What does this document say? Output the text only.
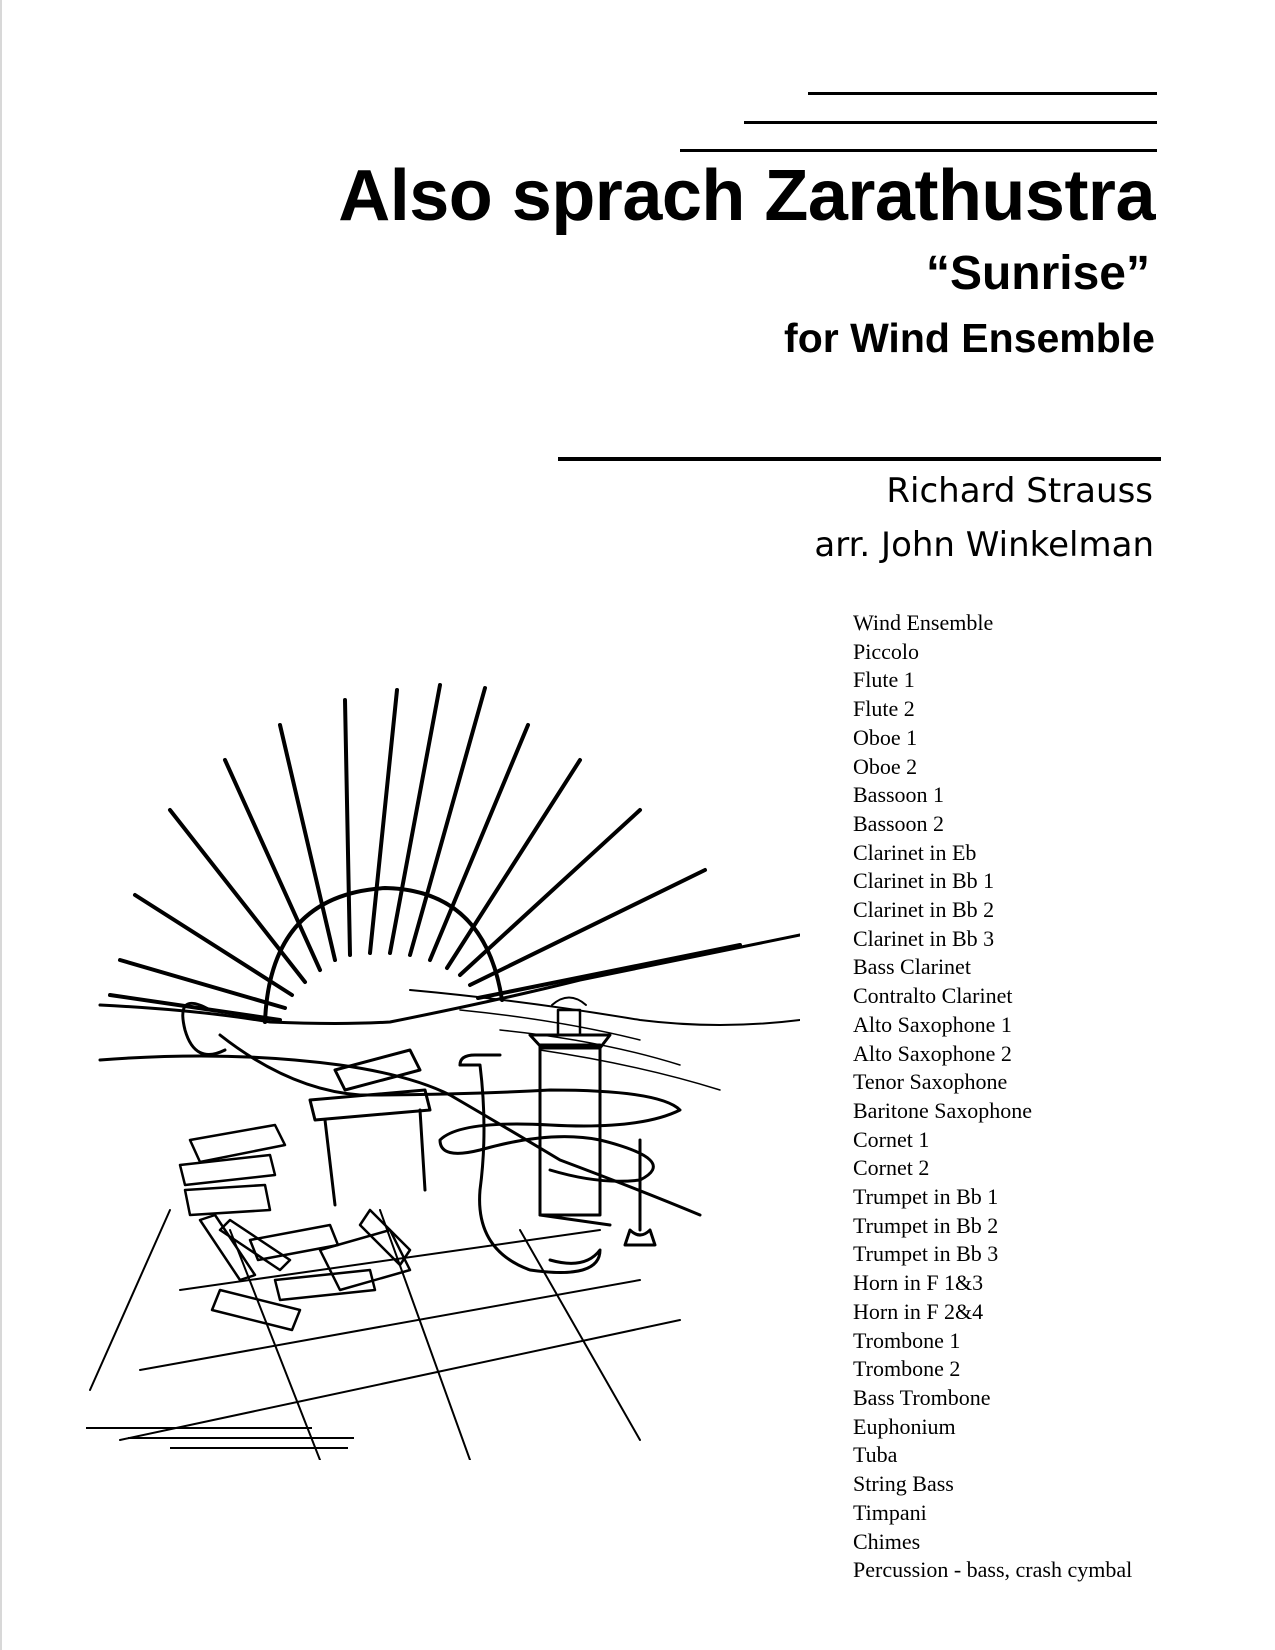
Also sprach Zarathustra
“Sunrise”
for Wind Ensemble
Richard Strauss
arr. John Winkelman
Wind Ensemble
Piccolo
Flute 1
Flute 2
Oboe 1
Oboe 2
Bassoon 1
Bassoon 2
Clarinet in Eb
Clarinet in Bb 1
Clarinet in Bb 2
Clarinet in Bb 3
Bass Clarinet
Contralto Clarinet
Alto Saxophone 1
Alto Saxophone 2
Tenor Saxophone
Baritone Saxophone
Cornet 1
Cornet 2
Trumpet in Bb 1
Trumpet in Bb 2
Trumpet in Bb 3
Horn in F 1&3
Horn in F 2&4
Trombone 1
Trombone 2
Bass Trombone
Euphonium
Tuba
String Bass
Timpani
Chimes
Percussion - bass, crash cymbal
